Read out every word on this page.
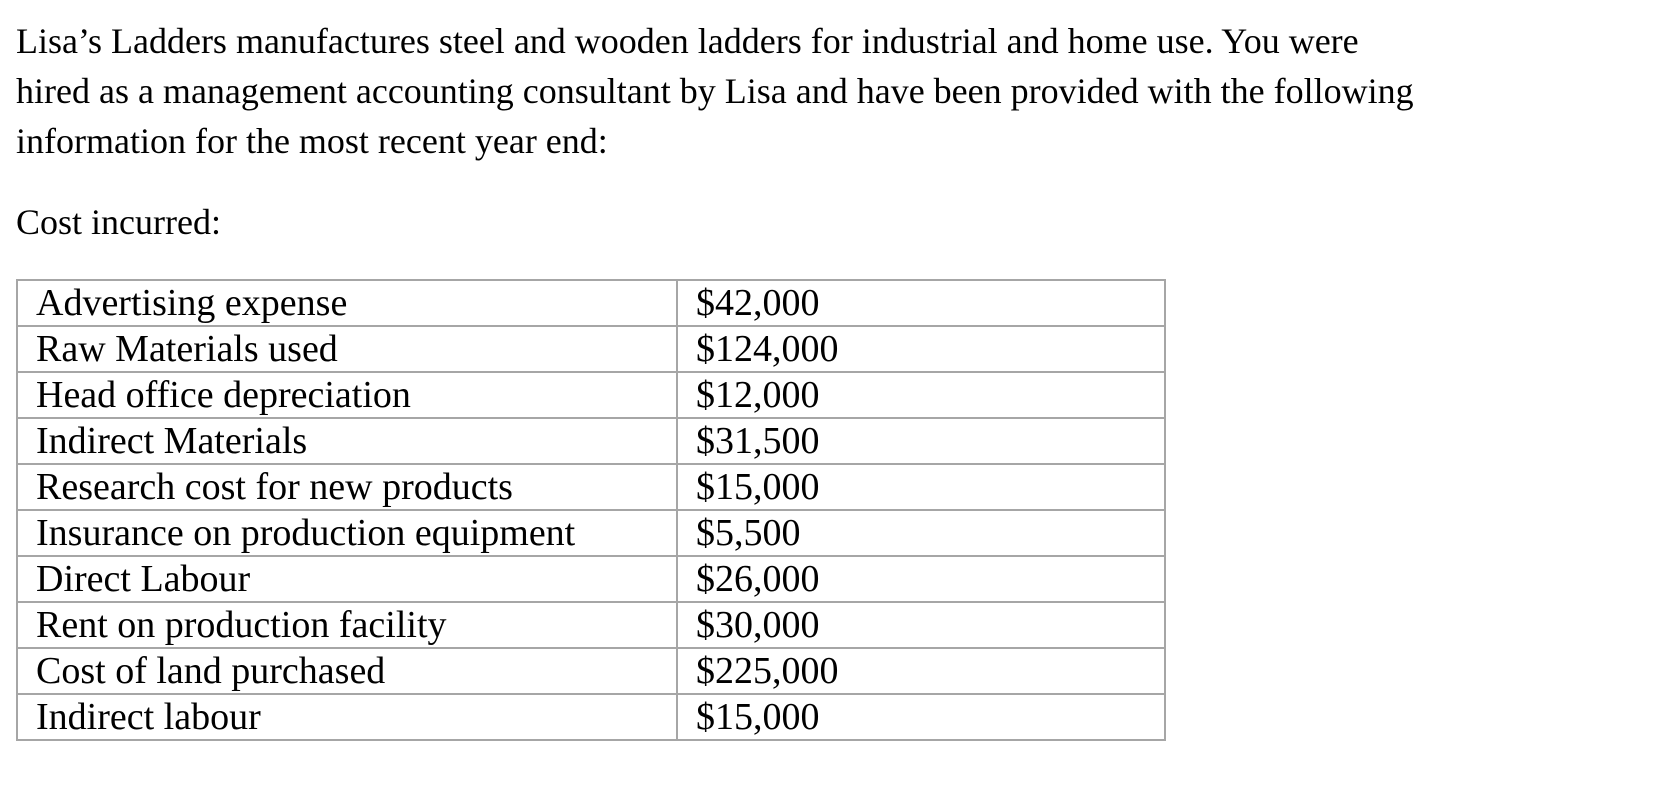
Lisa’s Ladders manufactures steel and wooden ladders for industrial and home use. You were
hired as a management accounting consultant by Lisa and have been provided with the following
information for the most recent year end:

Cost incurred:

Advertising expense	$42,000
Raw Materials used	$124,000
Head office depreciation	$12,000
Indirect Materials	$31,500
Research cost for new products	$15,000
Insurance on production equipment	$5,500
Direct Labour	$26,000
Rent on production facility	$30,000
Cost of land purchased	$225,000
Indirect labour	$15,000
